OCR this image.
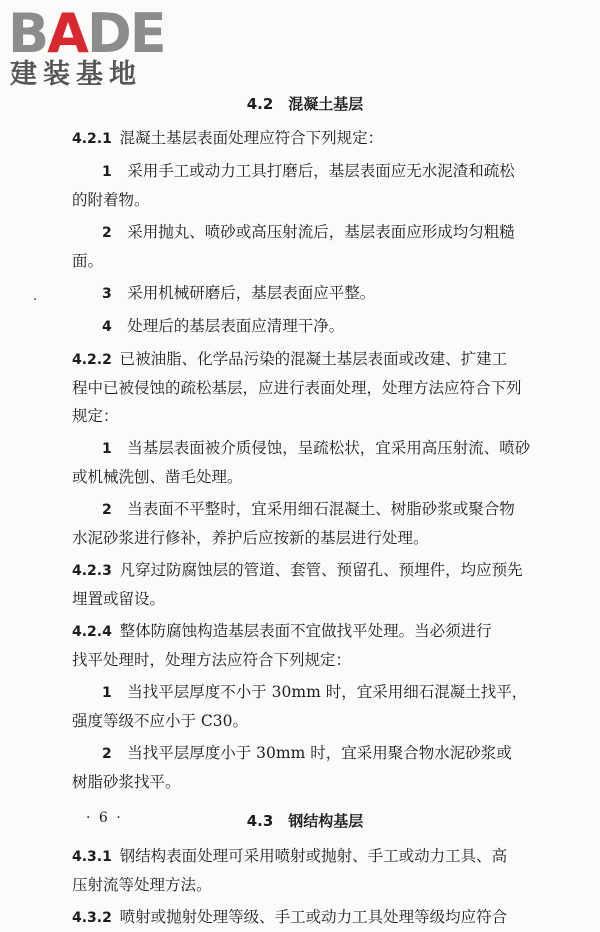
BADE
建装基地
4.2　混凝土基层
4.2.1  混凝土基层表面处理应符合下列规定：
1   采用手工或动力工具打磨后，基层表面应无水泥渣和疏松
的附着物。
2   采用抛丸、喷砂或高压射流后，基层表面应形成均匀粗糙
面。
3   采用机械研磨后，基层表面应平整。
4   处理后的基层表面应清理干净。
4.2.2  已被油脂、化学品污染的混凝土基层表面或改建、扩建工
程中已被侵蚀的疏松基层，应进行表面处理，处理方法应符合下列
规定：
1   当基层表面被介质侵蚀，呈疏松状，宜采用高压射流、喷砂
或机械洗刨、凿毛处理。
2   当表面不平整时，宜采用细石混凝土、树脂砂浆或聚合物
水泥砂浆进行修补，养护后应按新的基层进行处理。
4.2.3  凡穿过防腐蚀层的管道、套管、预留孔、预埋件，均应预先
埋置或留设。
4.2.4  整体防腐蚀构造基层表面不宜做找平处理。当必须进行
找平处理时，处理方法应符合下列规定：
1   当找平层厚度不小于 30mm 时，宜采用细石混凝土找平，
强度等级不应小于 C30。
2   当找平层厚度小于 30mm 时，宜采用聚合物水泥砂浆或
树脂砂浆找平。
4.3　钢结构基层
4.3.1  钢结构表面处理可采用喷射或抛射、手工或动力工具、高
压射流等处理方法。
4.3.2  喷射或抛射处理等级、手工或动力工具处理等级均应符合
· 6 ·
